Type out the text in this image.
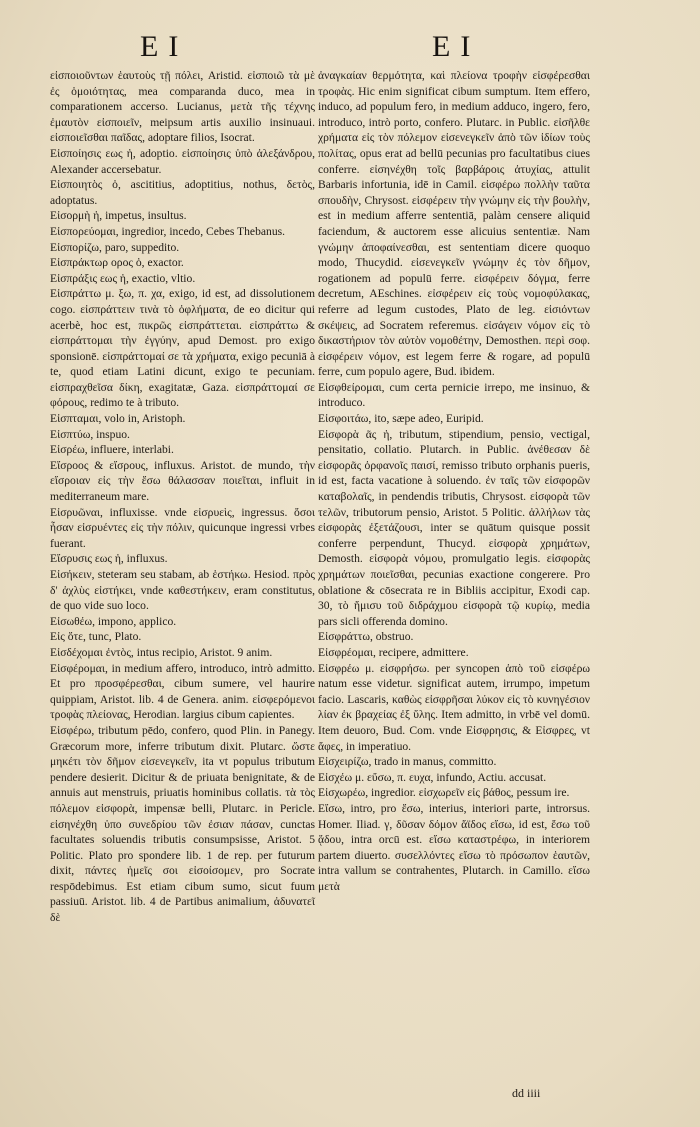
EI	EI

εἰσποιοῦντων ἑαυτοὺς τῇ πόλει, Aristid. εἰσποιῶ τὰ μὲ ἐς ὁμοιότητας, mea comparanda duco, mea in comparationem accerso. Lucianus, μετὰ τῆς τέχνης ἐμαυτὸν εἰσποιεῖν, meipsum artis auxilio insinuaui. εἰσποιεῖσθαι παῖδας, adoptare filios, Isocrat.

Εἰσποίησις εως ἡ, adoptio. εἰσποίησις ὑπὸ ἀλεξάνδρου, Alexander accersebatur.

Εἰσποιητὸς ὁ, ascititius, adoptitius, nothus, δετὸς, adoptatus.

Εἰσορμὴ ἡ, impetus, insultus.

Εἰσπορεύομαι, ingredior, incedo, Cebes Thebanus.

Εἰσπορίζω, paro, suppedito.

Εἰσπράκτωρ ορος ὁ, exactor.

Εἰσπράξις εως ἡ, exactio, vltio.

Εἰσπράττω μ. ξω, π. χα, exigo, id est, ad dissolutionem cogo. εἰσπράττειν τινὰ τὸ ὀφλήματα, de eo dicitur qui acerbè, hoc est, πικρῶς εἰσπράττεται. εἰσπράττω & εἰσπράττομαι τὴν ἐγγύην, apud Demost. pro exigo sponsionē. εἰσπράττομαί σε τὰ χρήματα, exigo pecuniā à te, quod etiam Latini dicunt, exigo te pecuniam. εἰσπραχθεῖσα δίκη, exagitatæ, Gaza. εἰσπράττομαί σε φόρους, redimo te à tributo.

Εἰσπταμαι, volo in, Aristoph.

Εἰσπτύω, inspuo.

Εἰσρέω, influere, interlabi.

Εἴσροος & εἴσρους, influxus. Aristot. de mundo, τὴν εἴσροιαν εἰς τὴν ἔσω θάλασσαν ποιεῖται, influit in mediterraneum mare.

Εἰσρυῶναι, influxisse. vnde εἰσρυεὶς, ingressus. ὅσοι ἦσαν εἰσρυέντες εἰς τὴν πόλιν, quicunque ingressi vrbes fuerant.

Εἴσρυσις εως ἡ, influxus.

Εἰσήκειν, steteram seu stabam, ab ἑστήκω. Hesiod. πρὸς δ' ἀχλὺς εἱστήκει, vnde καθεστήκειν, eram constitutus, de quo vide suo loco.

Εἰσωθέω, impono, applico.

Εἰς ὅτε, tunc, Plato.

Εἰσδέχομαι ἐντὸς, intus recipio, Aristot. 9 anim.

Εἰσφέρομαι, in medium affero, introduco, intrò admitto. Et pro προσφέρεσθαι, cibum sumere, vel haurire quippiam, Aristot. lib. 4 de Genera. anim. εἰσφερόμενοι τροφὰς πλείονας, Herodian. largius cibum capientes.

Εἰσφέρω, tributum pēdo, confero, quod Plin. in Panegy. Græcorum more, inferre tributum dixit. Plutarc. ὥστε μηκέτι τὸν δῆμον εἰσενεγκεῖν, ita vt populus tributum pendere desierit. Dicitur & de priuata benignitate, & de annuis aut menstruis, priuatis hominibus collatis. τὰ τὸς πόλεμον εἰσφορὰ, impensæ belli, Plutarc. in Pericle. εἰσηνέχθη ὑπο συνεδρίου τῶν ἐσιαν πάσαν, cunctas facultates soluendis tributis consumpsisse, Aristot. 5 Politic. Plato pro spondere lib. 1 de rep. per futurum dixit, πάντες ἡμεῖς σοι εἰσοίσομεν, pro Socrate respōdebimus. Est etiam cibum sumo, sicut fuum passiuū. Aristot. lib. 4 de Partibus animalium, ἀδυνατεῖ δὲ

ἀναγκαίαν θερμότητα, καὶ πλείονα τροφὴν εἰσφέρεσθαι τροφὰς. Hic enim significat cibum sumptum. Item effero, induco, ad populum fero, in medium adduco, ingero, fero, introduco, intrò porto, confero. Plutarc. in Public. εἰσῆλθε χρήματα εἰς τὸν πόλεμον εἰσενεγκεῖν ἀπὸ τῶν ἰδίων τοὺς πολίτας, opus erat ad bellū pecunias pro facultatibus ciues conferre. εἰσηνέχθη τοῖς βαρβάροις ἀτυχίας, attulit Barbaris infortunia, idē in Camil. εἰσφέρω πολλὴν ταῦτα σπουδὴν, Chrysost. εἰσφέρειν τὴν γνώμην εἰς τὴν βουλὴν, est in medium afferre sententiā, palàm censere aliquid faciendum, & auctorem esse alicuius sententiæ. Nam γνώμην ἀποφαίνεσθαι, est sententiam dicere quoquo modo, Thucydid. εἰσενεγκεῖν γνώμην ἐς τὸν δῆμον, rogationem ad populū ferre. εἰσφέρειν δόγμα, ferre decretum, AEschines. εἰσφέρειν εἰς τοὺς νομοφύλακας, referre ad legum custodes, Plato de leg. εἰσιόντων σκέψεις, ad Socratem referemus. εἰσάγειν νόμον εἰς τὸ δικαστήριον τὸν αὐτὸν νομοθέτην, Demosthen. περὶ σοφ. εἰσφέρειν νόμον, est legem ferre & rogare, ad populū ferre, cum populo agere, Bud. ibidem.

Εἰσφθείρομαι, cum certa pernicie irrepo, me insinuo, & introduco.

Εἰσφοιτάω, ito, sæpe adeo, Euripid.

Εἰσφορὰ ᾶς ἡ, tributum, stipendium, pensio, vectigal, pensitatio, collatio. Plutarch. in Public. ἀνέθεσαν δὲ εἰσφορᾶς ὀρφανοῖς παισί, remisso tributo orphanis pueris, id est, facta vacatione à soluendo. ἐν ταῖς τῶν εἰσφορῶν καταβολαῖς, in pendendis tributis, Chrysost. εἰσφορὰ τῶν τελῶν, tributorum pensio, Aristot. 5 Politic. ἀλλήλων τὰς εἰσφορὰς ἐξετάζουσι, inter se quātum quisque possit conferre perpendunt, Thucyd. εἰσφορὰ χρημάτων, Demosth. εἰσφορὰ νόμου, promulgatio legis. εἰσφορὰς χρημάτων ποιεῖσθαι, pecunias exactione congerere. Pro oblatione & cōsecrata re in Bibliis accipitur, Exodi cap. 30, τὸ ἥμισυ τοῦ διδράχμου εἰσφορὰ τῷ κυρίῳ, media pars sicli offerenda domino.

Εἰσφράττω, obstruo.

Εἰσφρέομαι, recipere, admittere.

Εἰσφρέω μ. εἰσφρήσω. per syncopen ἀπὸ τοῦ εἰσφέρω natum esse videtur. significat autem, irrumpo, impetum facio. Lascaris, καθὼς εἰσφρῆσαι λύκον εἰς τὸ κυνηγέσιον λίαν ἐκ βραχείας ἐξ ὕλης. Item admitto, in vrbē vel domū. Item deuoro, Bud. Com. vnde Εἰσφρησις, & Εἰσφρες, vt ἄφες, in imperatiuo.

Εἰσχειρίζω, trado in manus, committo.

Εἰσχέω μ. εὔσω, π. ευχα, infundo, Actiu. accusat.

Εἰσχωρέω, ingredior. εἰσχωρεῖν εἰς βάθος, pessum ire.

Εἴσω, intro, pro ἔσω, interius, interiori parte, introrsus. Homer. Iliad. γ, δῦσαν δόμον ἄϊδος εἴσω, id est, ἔσω τοῦ ᾅδου, intra orcū est. εἴσω καταστρέφω, in interiorem partem diuerto. συσελλόντες εἴσω τὸ πρόσωπον ἑαυτῶν, intra vallum se contrahentes, Plutarch. in Camillo. εἴσω μετὰ

dd iiii
